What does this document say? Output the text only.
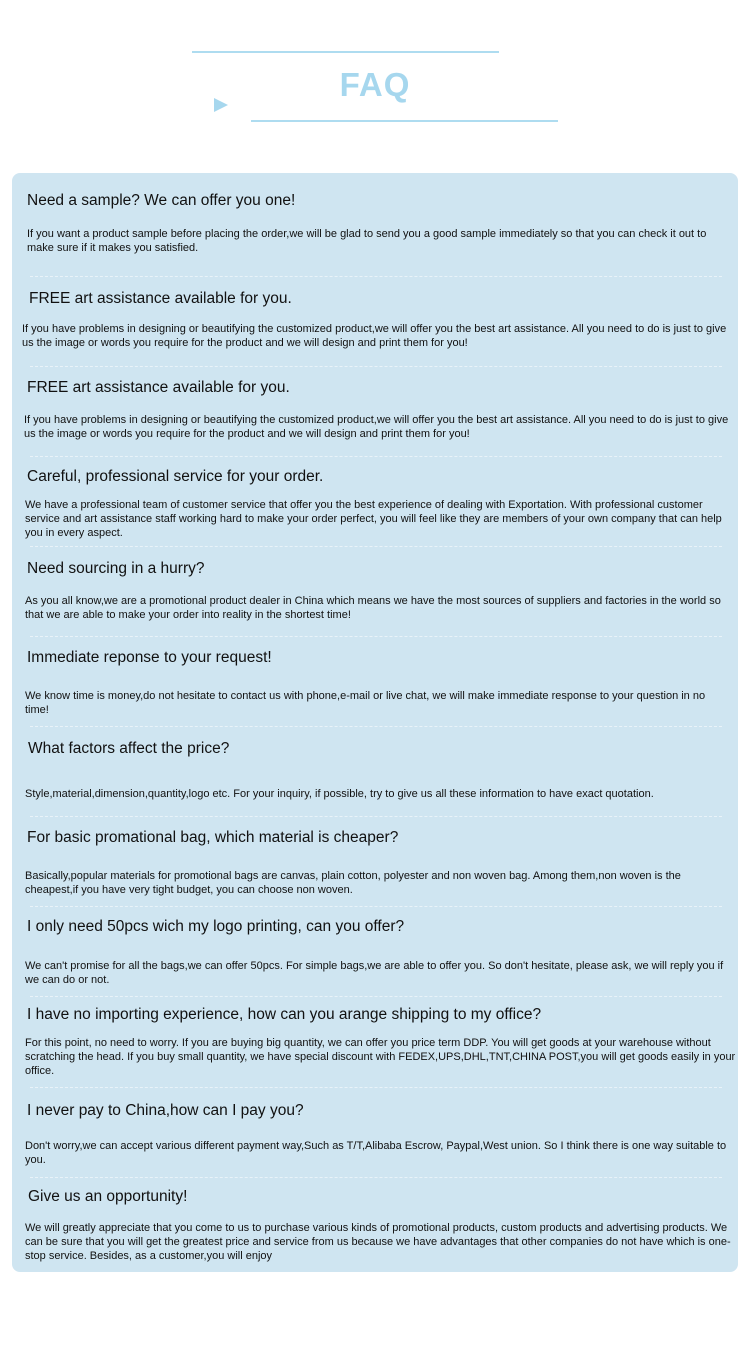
FAQ
Need a sample? We can offer you one!
If you want a product sample before placing the order,we will be glad to send you a good sample immediately so that you can check it out to make sure if it makes you satisfied.
FREE art assistance available for you.
If you have problems in designing or beautifying the customized product,we will offer you the best art assistance. All you need to do is just to give us the image or words you require for the product and we will design and print them for you!
FREE art assistance available for you.
If you have problems in designing or beautifying the customized product,we will offer you the best art assistance. All you need to do is just to give us the image or words you require for the product and we will design and print them for you!
Careful, professional service for your order.
We have a professional team of customer service that offer you the best experience of dealing with Exportation. With professional customer service and art assistance staff working hard to make your order perfect, you will feel like they are members of your own company that can help you in every aspect.
Need sourcing in a hurry?
As you all know,we are a promotional product dealer in China which means we have the most sources of suppliers and factories in the world so that we are able to make your order into reality in the shortest time!
Immediate reponse to your request!
We know time is money,do not hesitate to contact us with phone,e-mail or live chat, we will make immediate response to your question in no time!
What factors affect the price?
Style,material,dimension,quantity,logo etc. For your inquiry, if possible, try to give us all these information to have exact quotation.
For basic promational bag, which material is cheaper?
Basically,popular materials for promotional bags are canvas, plain cotton, polyester and non woven bag. Among them,non woven is the cheapest,if you have very tight budget, you can choose non woven.
I only need 50pcs wich my logo printing, can you offer?
We can't promise for all the bags,we can offer 50pcs. For simple bags,we are able to offer you. So don't hesitate, please ask, we will reply you if we can do or not.
I have no importing experience, how can you arange shipping to my office?
For this point, no need to worry. If you are buying big quantity, we can offer you price term DDP. You will get goods at your warehouse without scratching the head. If you buy small quantity, we have special discount with FEDEX,UPS,DHL,TNT,CHINA POST,you will get goods easily in your office.
I never pay to China,how can I pay you?
Don't worry,we can accept various different payment way,Such as T/T,Alibaba Escrow, Paypal,West union. So I think there is one way suitable to you.
Give us an opportunity!
We will greatly appreciate that you come to us to purchase various kinds of promotional products, custom products and advertising products. We can be sure that you will get the greatest price and service from us because we have advantages that other companies do not have which is one-stop service. Besides, as a customer,you will enjoy
